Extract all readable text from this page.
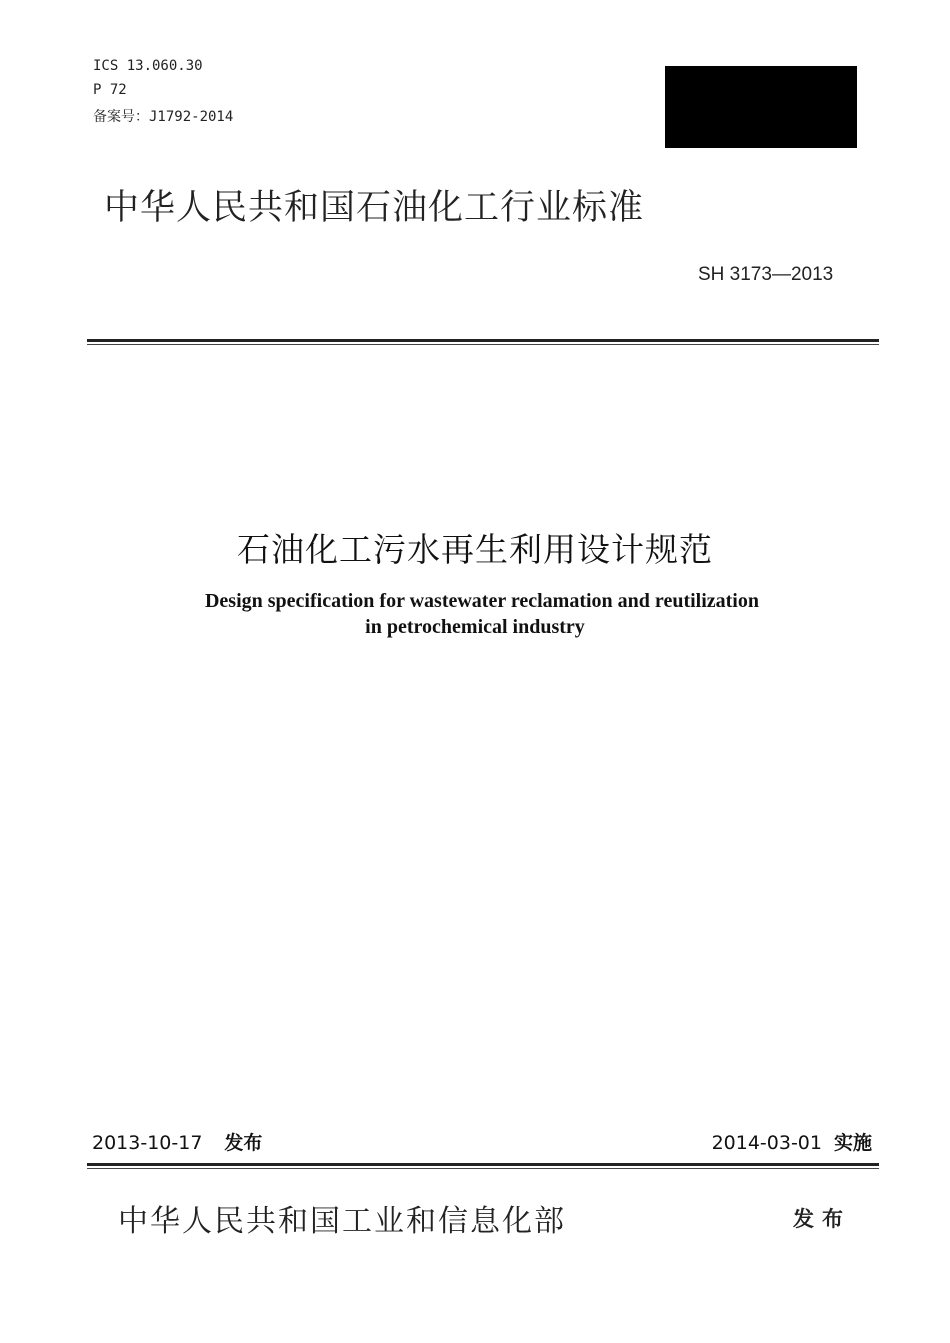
ICS 13.060.30
P 72
备案号：J1792-2014
中华人民共和国石油化工行业标准
SH 3173—2013
石油化工污水再生利用设计规范
Design specification for wastewater reclamation and reutilization
in petrochemical industry
2013-10-17 发布	2014-03-01 实施
中华人民共和国工业和信息化部	发布
